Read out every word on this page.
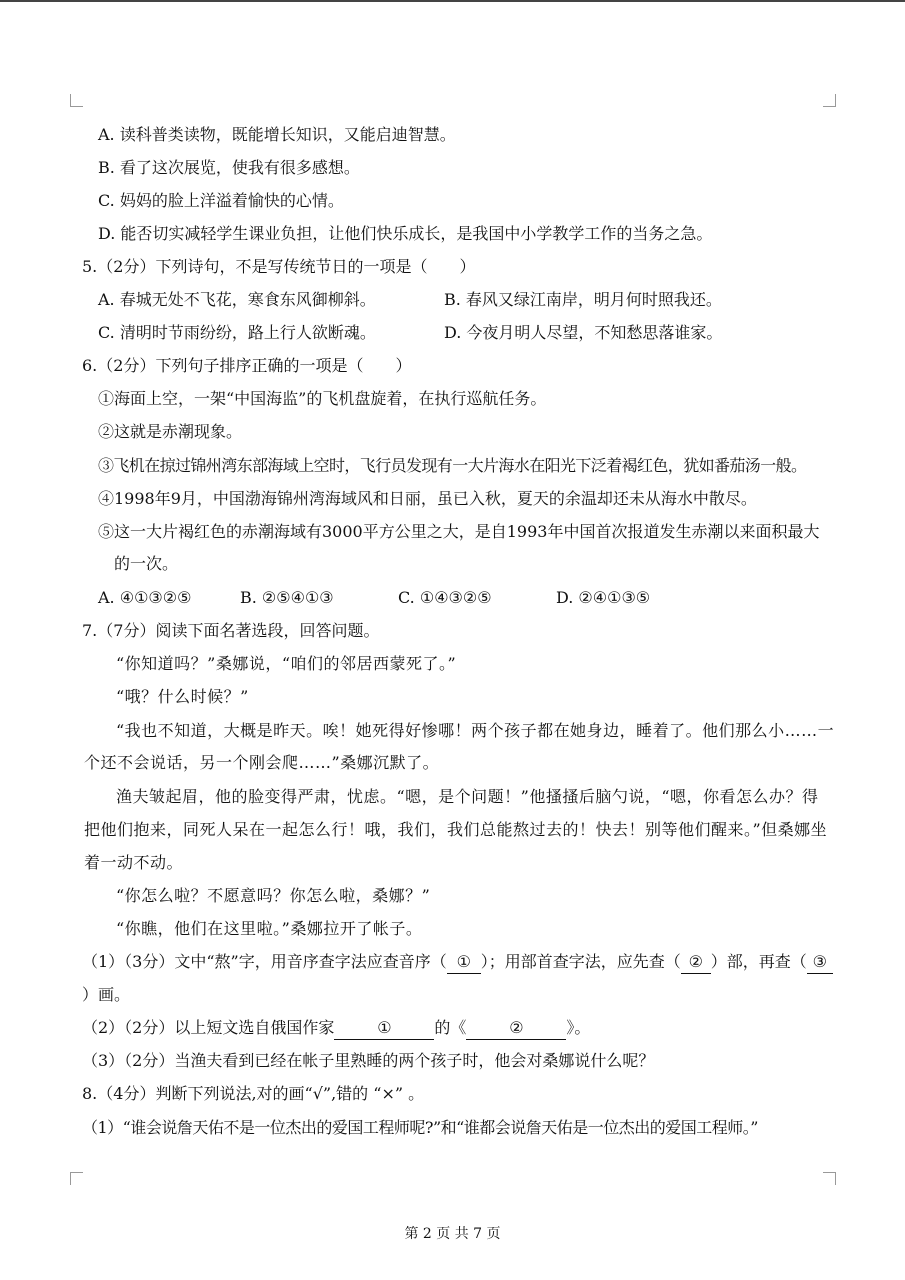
A. 读科普类读物，既能增长知识，又能启迪智慧。
B. 看了这次展览，使我有很多感想。
C. 妈妈的脸上洋溢着愉快的心情。
D. 能否切实减轻学生课业负担，让他们快乐成长，是我国中小学教学工作的当务之急。
5.（2分）下列诗句，不是写传统节日的一项是（　　）
A. 春城无处不飞花，寒食东风御柳斜。	B. 春风又绿江南岸，明月何时照我还。
C. 清明时节雨纷纷，路上行人欲断魂。	D. 今夜月明人尽望，不知愁思落谁家。
6.（2分）下列句子排序正确的一项是（　　）
①海面上空，一架“中国海监”的飞机盘旋着，在执行巡航任务。
②这就是赤潮现象。
③飞机在掠过锦州湾东部海域上空时，飞行员发现有一大片海水在阳光下泛着褐红色，犹如番茄汤一般。
④1998年9月，中国渤海锦州湾海域风和日丽，虽已入秋，夏天的余温却还未从海水中散尽。
⑤这一大片褐红色的赤潮海域有3000平方公里之大，是自1993年中国首次报道发生赤潮以来面积最大
的一次。
A. ④①③②⑤	B. ②⑤④①③	C. ①④③②⑤	D. ②④①③⑤
7.（7分）阅读下面名著选段，回答问题。
“你知道吗？”桑娜说，“咱们的邻居西蒙死了。”
“哦？什么时候？”
“我也不知道，大概是昨天。唉！她死得好惨哪！两个孩子都在她身边，睡着了。他们那么小……一
个还不会说话，另一个刚会爬……”桑娜沉默了。
渔夫皱起眉，他的脸变得严肃，忧虑。“嗯，是个问题！”他搔搔后脑勺说，“嗯，你看怎么办？得
把他们抱来，同死人呆在一起怎么行！哦，我们，我们总能熬过去的！快去！别等他们醒来。”但桑娜坐
着一动不动。
“你怎么啦？不愿意吗？你怎么啦，桑娜？”
“你瞧，他们在这里啦。”桑娜拉开了帐子。
（1）（3分）文中“熬”字，用音序查字法应查音序（ ① ）；用部首查字法，应先查（ ② ）部，再查（ ③
）画。
（2）（2分）以上短文选自俄国作家	①	的《	②	》。
（3）（2分）当渔夫看到已经在帐子里熟睡的两个孩子时，他会对桑娜说什么呢？
8.（4分）判断下列说法,对的画“√”,错的 “×” 。
（1）“谁会说詹天佑不是一位杰出的爱国工程师呢?”和“谁都会说詹天佑是一位杰出的爱国工程师。”
第 2 页 共 7 页
